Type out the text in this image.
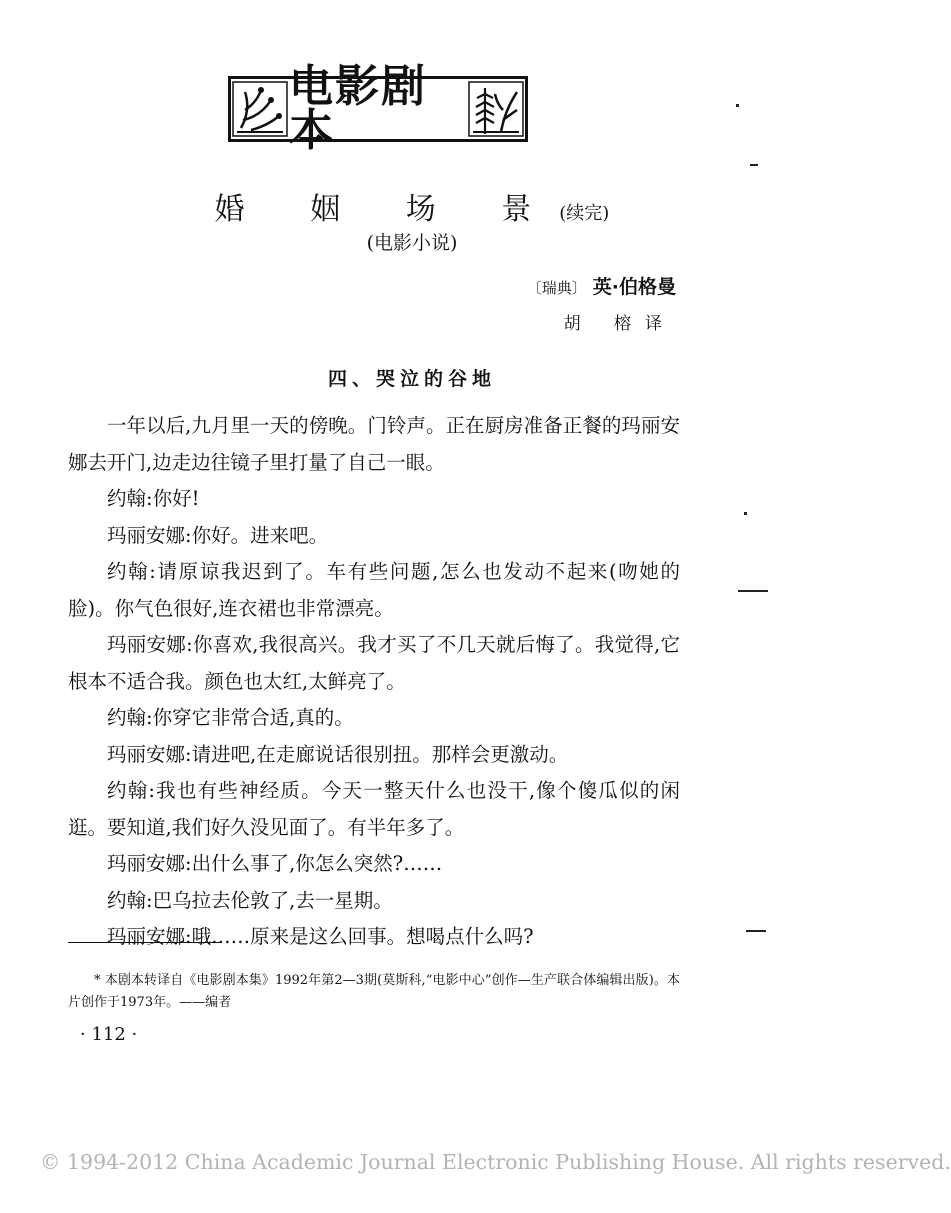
电影剧本
婚 姻 场 景(续完)
(电影小说)
〔瑞典〕 英·伯格曼
胡 榕译
四、哭泣的谷地

一年以后,九月里一天的傍晚。门铃声。正在厨房准备正餐的玛丽安娜去开门,边走边往镜子里打量了自己一眼。

约翰:你好!

玛丽安娜:你好。进来吧。

约翰:请原谅我迟到了。车有些问题,怎么也发动不起来(吻她的脸)。你气色很好,连衣裙也非常漂亮。

玛丽安娜:你喜欢,我很高兴。我才买了不几天就后悔了。我觉得,它根本不适合我。颜色也太红,太鲜亮了。

约翰:你穿它非常合适,真的。

玛丽安娜:请进吧,在走廊说话很别扭。那样会更激动。

约翰:我也有些神经质。今天一整天什么也没干,像个傻瓜似的闲逛。要知道,我们好久没见面了。有半年多了。

玛丽安娜:出什么事了,你怎么突然?……

约翰:巴乌拉去伦敦了,去一星期。

玛丽安娜:哦……原来是这么回事。想喝点什么吗?

* 本剧本转译自《电影剧本集》1992年第2—3期(莫斯科,“电影中心”创作—生产联合体编辑出版)。本片创作于1973年。——编者
· 112 ·
© 1994-2012 China Academic Journal Electronic Publishing House. All rights reserved.
